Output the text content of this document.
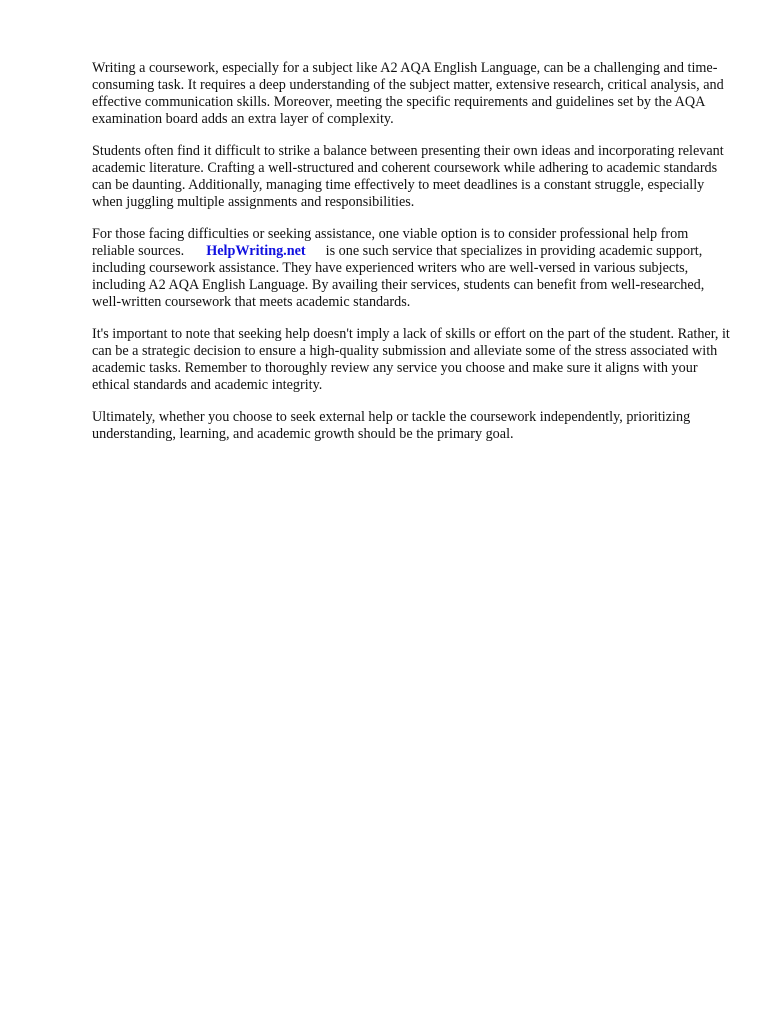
Writing a coursework, especially for a subject like A2 AQA English Language, can be a challenging and time-consuming task. It requires a deep understanding of the subject matter, extensive research, critical analysis, and effective communication skills. Moreover, meeting the specific requirements and guidelines set by the AQA examination board adds an extra layer of complexity.

Students often find it difficult to strike a balance between presenting their own ideas and incorporating relevant academic literature. Crafting a well-structured and coherent coursework while adhering to academic standards can be daunting. Additionally, managing time effectively to meet deadlines is a constant struggle, especially when juggling multiple assignments and responsibilities.

For those facing difficulties or seeking assistance, one viable option is to consider professional help from reliable sources. HelpWriting.net is one such service that specializes in providing academic support, including coursework assistance. They have experienced writers who are well-versed in various subjects, including A2 AQA English Language. By availing their services, students can benefit from well-researched, well-written coursework that meets academic standards.

It's important to note that seeking help doesn't imply a lack of skills or effort on the part of the student. Rather, it can be a strategic decision to ensure a high-quality submission and alleviate some of the stress associated with academic tasks. Remember to thoroughly review any service you choose and make sure it aligns with your ethical standards and academic integrity.

Ultimately, whether you choose to seek external help or tackle the coursework independently, prioritizing understanding, learning, and academic growth should be the primary goal.
